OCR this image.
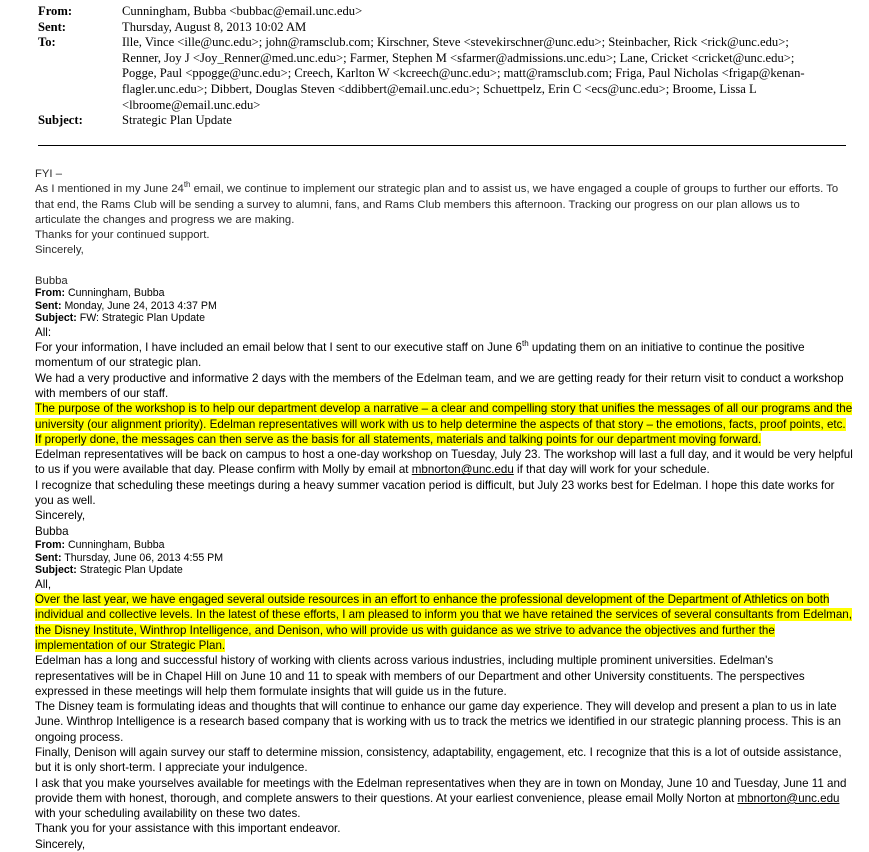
From:	Cunningham, Bubba <bubbac@email.unc.edu>
Sent:	Thursday, August 8, 2013 10:02 AM
To:	Ille, Vince <ille@unc.edu>; john@ramsclub.com; Kirschner, Steve <stevekirschner@unc.edu>; Steinbacher, Rick <rick@unc.edu>;
Renner, Joy J <Joy_Renner@med.unc.edu>; Farmer, Stephen M <sfarmer@admissions.unc.edu>; Lane, Cricket <cricket@unc.edu>;
Pogge, Paul <ppogge@unc.edu>; Creech, Karlton W <kcreech@unc.edu>; matt@ramsclub.com; Friga, Paul Nicholas <frigap@kenan-
flagler.unc.edu>; Dibbert, Douglas Steven <ddibbert@email.unc.edu>; Schuettpelz, Erin C <ecs@unc.edu>; Broome, Lissa L
<lbroome@email.unc.edu>
Subject:	Strategic Plan Update

FYI –

As I mentioned in my June 24th email, we continue to implement our strategic plan and to assist us, we have engaged a couple of groups to further our efforts. To that end, the Rams Club will be sending a survey to alumni, fans, and Rams Club members this afternoon. Tracking our progress on our plan allows us to articulate the changes and progress we are making.

Thanks for your continued support.

Sincerely,

Bubba

From: Cunningham, Bubba
Sent: Monday, June 24, 2013 4:37 PM
Subject: FW: Strategic Plan Update

All:

For your information, I have included an email below that I sent to our executive staff on June 6th updating them on an initiative to continue the positive momentum of our strategic plan.

We had a very productive and informative 2 days with the members of the Edelman team, and we are getting ready for their return visit to conduct a workshop with members of our staff.

The purpose of the workshop is to help our department develop a narrative – a clear and compelling story that unifies the messages of all our programs and the university (our alignment priority). Edelman representatives will work with us to help determine the aspects of that story – the emotions, facts, proof points, etc. If properly done, the messages can then serve as the basis for all statements, materials and talking points for our department moving forward.

Edelman representatives will be back on campus to host a one-day workshop on Tuesday, July 23. The workshop will last a full day, and it would be very helpful to us if you were available that day. Please confirm with Molly by email at mbnorton@unc.edu if that day will work for your schedule.

I recognize that scheduling these meetings during a heavy summer vacation period is difficult, but July 23 works best for Edelman. I hope this date works for you as well.

Sincerely,

Bubba

From: Cunningham, Bubba
Sent: Thursday, June 06, 2013 4:55 PM
Subject: Strategic Plan Update

All,

Over the last year, we have engaged several outside resources in an effort to enhance the professional development of the Department of Athletics on both individual and collective levels. In the latest of these efforts, I am pleased to inform you that we have retained the services of several consultants from Edelman, the Disney Institute, Winthrop Intelligence, and Denison, who will provide us with guidance as we strive to advance the objectives and further the implementation of our Strategic Plan.

Edelman has a long and successful history of working with clients across various industries, including multiple prominent universities. Edelman's representatives will be in Chapel Hill on June 10 and 11 to speak with members of our Department and other University constituents. The perspectives expressed in these meetings will help them formulate insights that will guide us in the future.

The Disney team is formulating ideas and thoughts that will continue to enhance our game day experience. They will develop and present a plan to us in late June. Winthrop Intelligence is a research based company that is working with us to track the metrics we identified in our strategic planning process. This is an ongoing process.

Finally, Denison will again survey our staff to determine mission, consistency, adaptability, engagement, etc. I recognize that this is a lot of outside assistance, but it is only short-term. I appreciate your indulgence.

I ask that you make yourselves available for meetings with the Edelman representatives when they are in town on Monday, June 10 and Tuesday, June 11 and provide them with honest, thorough, and complete answers to their questions. At your earliest convenience, please email Molly Norton at mbnorton@unc.edu with your scheduling availability on these two dates.

Thank you for your assistance with this important endeavor.

Sincerely,
